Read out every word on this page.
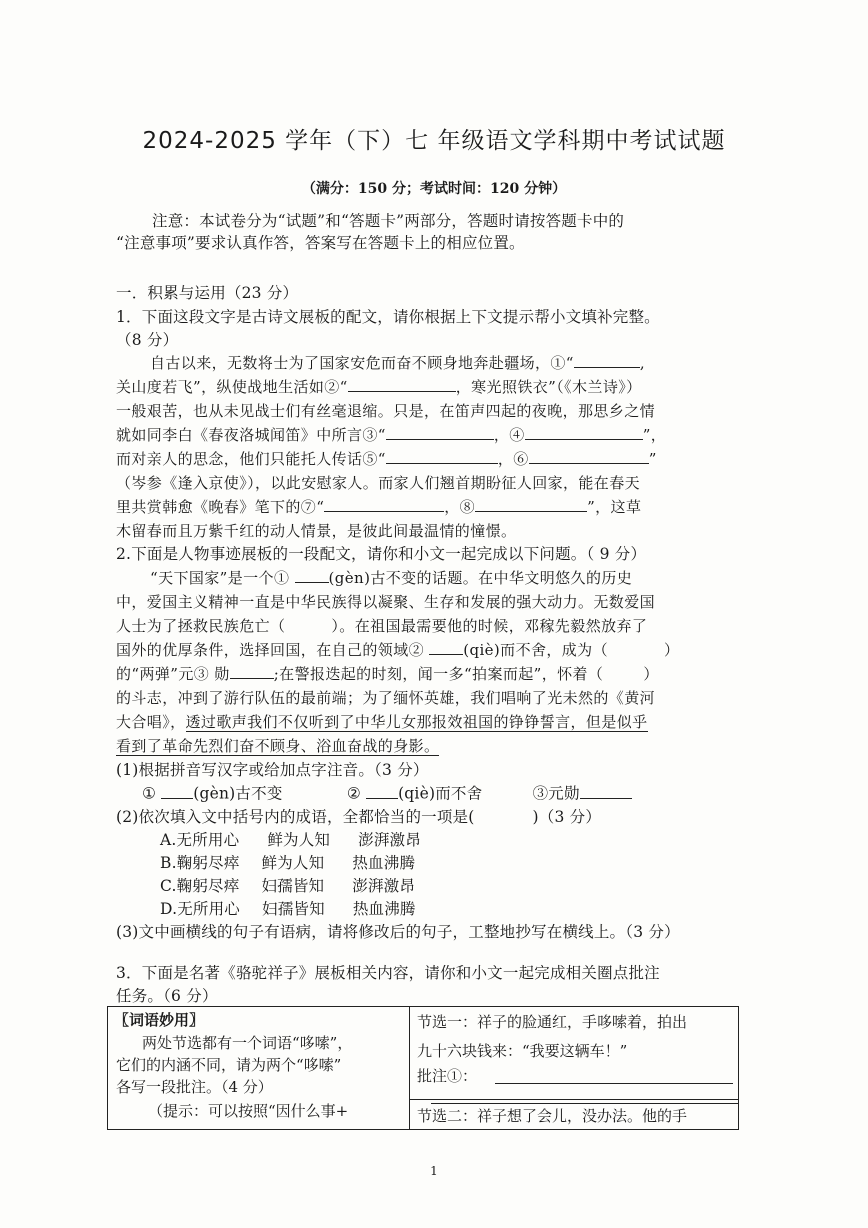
2024-2025 学年（下）七 年级语文学科期中考试试题
（满分：150 分；考试时间：120 分钟）
注意：本试卷分为“试题”和“答题卡”两部分，答题时请按答题卡中的
“注意事项”要求认真作答，答案写在答题卡上的相应位置。
一．积累与运用（23 分）
1．下面这段文字是古诗文展板的配文，请你根据上下文提示帮小文填补完整。
（8 分）
自古以来，无数将士为了国家安危而奋不顾身地奔赴疆场，①“	,
关山度若飞”，纵使战地生活如②“	，寒光照铁衣”（《木兰诗》）
一般艰苦，也从未见战士们有丝毫退缩。只是，在笛声四起的夜晚，那思乡之情
就如同李白《春夜洛城闻笛》中所言③“	，④	”，
而对亲人的思念，他们只能托人传话⑤“	，⑥	”
（岑参《逢入京使》），以此安慰家人。而家人们翘首期盼征人回家，能在春天
里共赏韩愈《晚春》笔下的⑦“	，⑧	”，这草
木留春而且万紫千红的动人情景，是彼此间最温情的憧憬。
2.下面是人物事迹展板的一段配文，请你和小文一起完成以下问题。（ 9 分）
“天下国家”是一个①	(gèn)古不变的话题。在中华文明悠久的历史
中，爱国主义精神一直是中华民族得以凝聚、生存和发展的强大动力。无数爱国
人士为了拯救民族危亡（	）。在祖国最需要他的时候，邓稼先毅然放弃了
国外的优厚条件，选择回国，在自己的领域②	(qiè)而不舍，成为（	）
的“两弹”元③ 勋	;在警报迭起的时刻，闻一多“拍案而起”，怀着（	）
的斗志，冲到了游行队伍的最前端；为了缅怀英雄，我们唱响了光未然的《黄河
大合唱》，透过歌声我们不仅听到了中华儿女那报效祖国的铮铮誓言，但是似乎
看到了革命先烈们奋不顾身、浴血奋战的身影。
(1)根据拼音写汉字或给加点字注音。（3 分）
① (gèn)古不变	② (qiè)而不舍	③元勋
(2)依次填入文中括号内的成语，全都恰当的一项是(	)（3 分）
A.无所用心 鲜为人知 澎湃激昂
B.鞠躬尽瘁 鲜为人知 热血沸腾
C.鞠躬尽瘁 妇孺皆知 澎湃激昂
D.无所用心 妇孺皆知 热血沸腾
(3)文中画横线的句子有语病，请将修改后的句子，工整地抄写在横线上。（3 分）
3．下面是名著《骆驼祥子》展板相关内容，请你和小文一起完成相关圈点批注
任务。（6 分）
〖词语妙用〗
两处节选都有一个词语“哆嗦”，
它们的内涵不同，请为两个“哆嗦”
各写一段批注。（4 分）
（提示：可以按照“因什么事+
节选一：祥子的脸通红，手哆嗦着，拍出
九十六块钱来：“我要这辆车！”
批注①：
节选二：祥子想了会儿，没办法。他的手
1
